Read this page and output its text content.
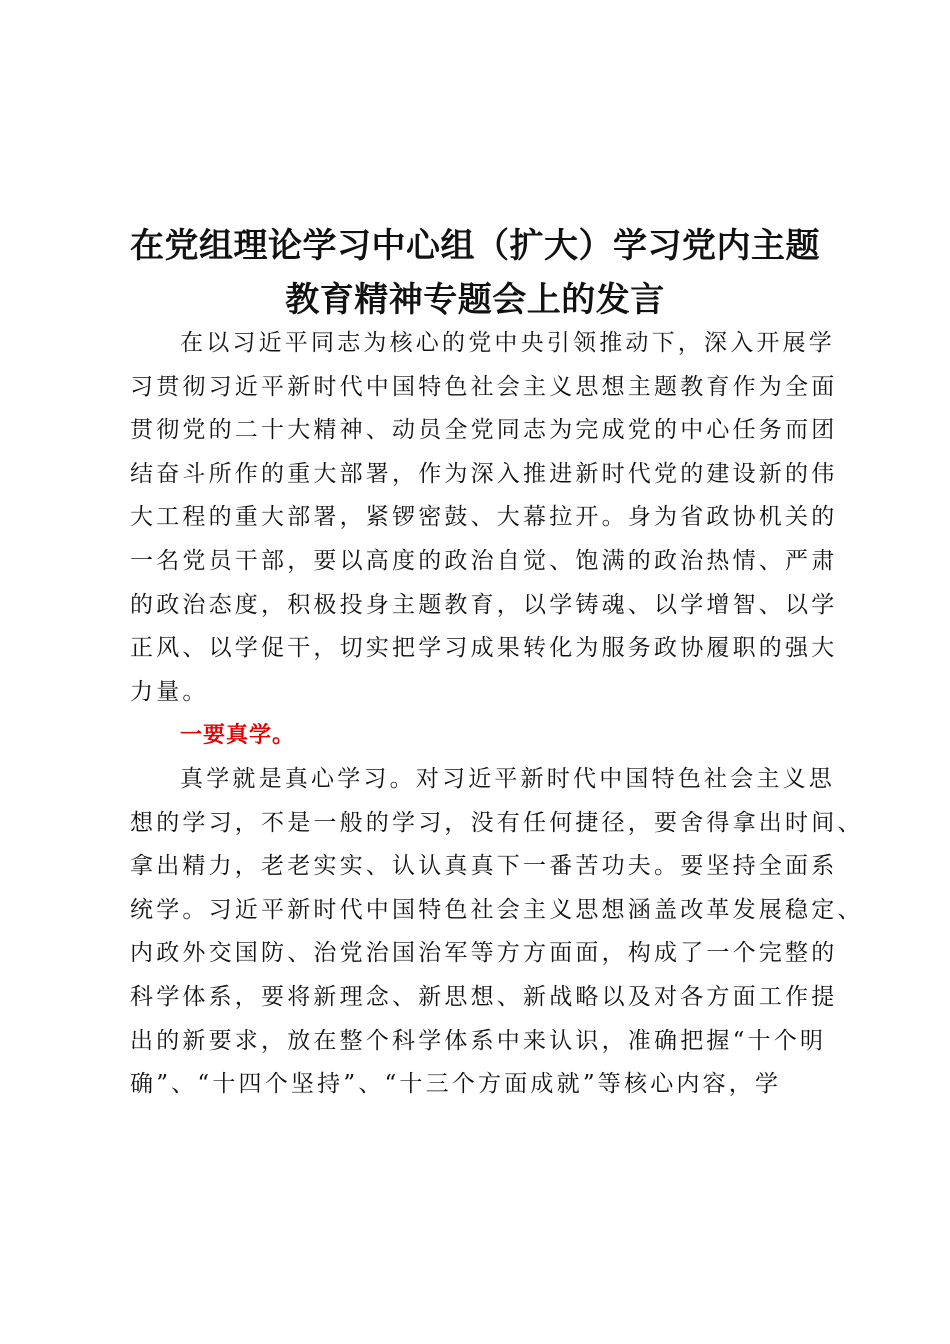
在党组理论学习中心组（扩大）学习党内主题
教育精神专题会上的发言

在以习近平同志为核心的党中央引领推动下，深入开展学
习贯彻习近平新时代中国特色社会主义思想主题教育作为全面
贯彻党的二十大精神、动员全党同志为完成党的中心任务而团
结奋斗所作的重大部署，作为深入推进新时代党的建设新的伟
大工程的重大部署，紧锣密鼓、大幕拉开。身为省政协机关的
一名党员干部，要以高度的政治自觉、饱满的政治热情、严肃
的政治态度，积极投身主题教育，以学铸魂、以学增智、以学
正风、以学促干，切实把学习成果转化为服务政协履职的强大
力量。

一要真学。

真学就是真心学习。对习近平新时代中国特色社会主义思
想的学习，不是一般的学习，没有任何捷径，要舍得拿出时间、
拿出精力，老老实实、认认真真下一番苦功夫。要坚持全面系
统学。习近平新时代中国特色社会主义思想涵盖改革发展稳定、
内政外交国防、治党治国治军等方方面面，构成了一个完整的
科学体系，要将新理念、新思想、新战略以及对各方面工作提
出的新要求，放在整个科学体系中来认识，准确把握“十个明
确”、“十四个坚持”、“十三个方面成就”等核心内容，学
